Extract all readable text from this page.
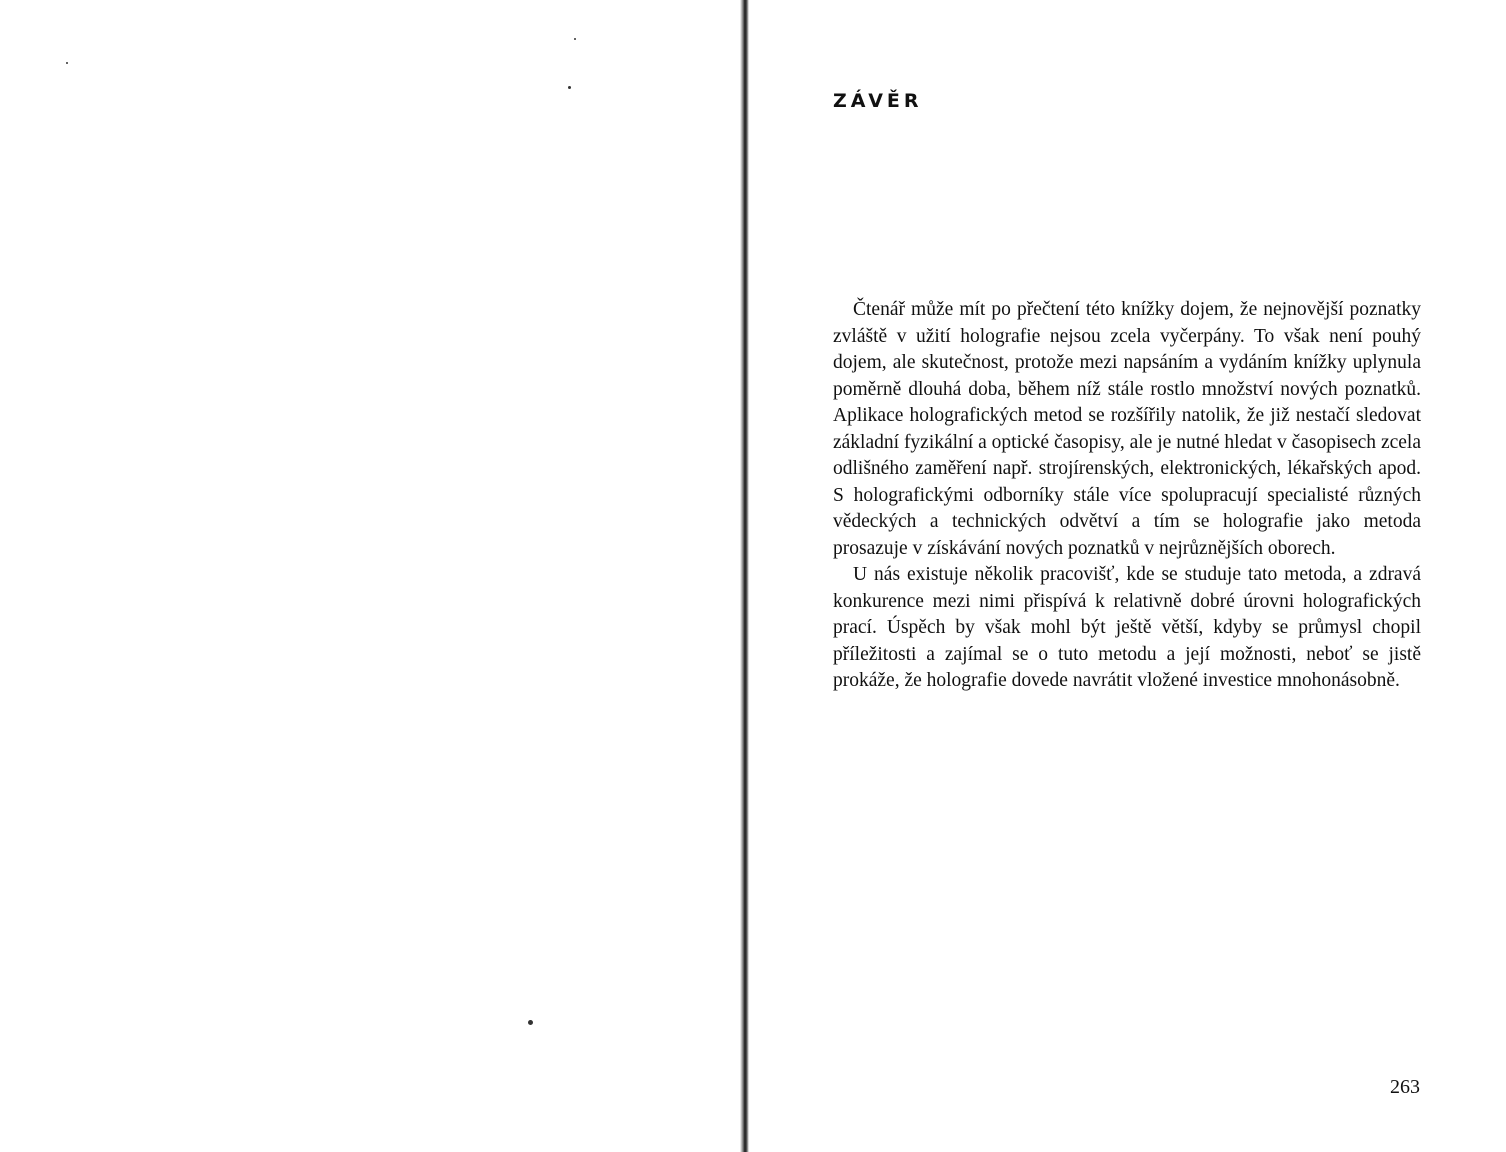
ZÁVĚR

Čtenář může mít po přečtení této knížky dojem, že nejnovější poznatky zvláště v užití holografie nejsou zcela vyčerpány. To však není pouhý dojem, ale skutečnost, protože mezi napsáním a vydáním knížky uplynula poměrně dlouhá doba, během níž stále rostlo množství nových poznatků. Aplikace holografických metod se rozšířily natolik, že již nestačí sledovat základní fyzikální a optické časopisy, ale je nutné hledat v časopisech zcela odlišného zaměření např. strojírenských, elektronických, lékařských apod. S holografickými odborníky stále více spolupracují specialisté různých vědeckých a technických odvětví a tím se holografie jako metoda prosazuje v získávání nových poznatků v nejrůznějších oborech.

U nás existuje několik pracovišť, kde se studuje tato metoda, a zdravá konkurence mezi nimi přispívá k relativně dobré úrovni holografických prací. Úspěch by však mohl být ještě větší, kdyby se průmysl chopil příležitosti a zajímal se o tuto metodu a její možnosti, neboť se jistě prokáže, že holografie dovede navrátit vložené investice mnohonásobně.

263
